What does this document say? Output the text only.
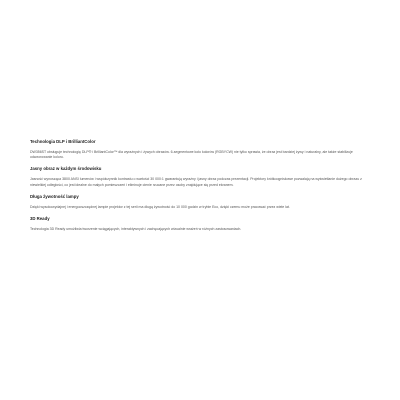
Technologia DLP i BrilliantColor

DW356ST obsługuje technologię DLP® i BrilliantColor™ dla wyraźnych i żywych obrazów. 6-segmentowe koło kolorów (RGBYCW) nie tylko sprawia, że obraz jest bardziej żywy i naturalny, ale także stabilizuje odwzorowanie koloru.

Jasny obraz w każdym środowisku

Jasność wynosząca 3800 ANSI lumenów i współczynnik kontrastu o wartości 30 000:1 gwarantują wyraźny i jasny obraz podczas prezentacji. Projektory krótkoogniskowe pozwalają na wyświetlanie dużego obrazu z niewielkiej odległości, co jest idealne do małych pomieszczeń i eliminuje cienie rzucane przez osoby znajdujące się przed ekranem.

Długa żywotność lampy

Dzięki wysokowydajnej i energooszczędnej lampie projektor z tej serii ma długą żywotność do 10 000 godzin w trybie Eco, dzięki czemu może pracować przez wiele lat.

3D Ready

Technologia 3D Ready umożliwia tworzenie wciągających, interaktywnych i zachęcających wizualnie wrażeń w różnych zastosowaniach.
